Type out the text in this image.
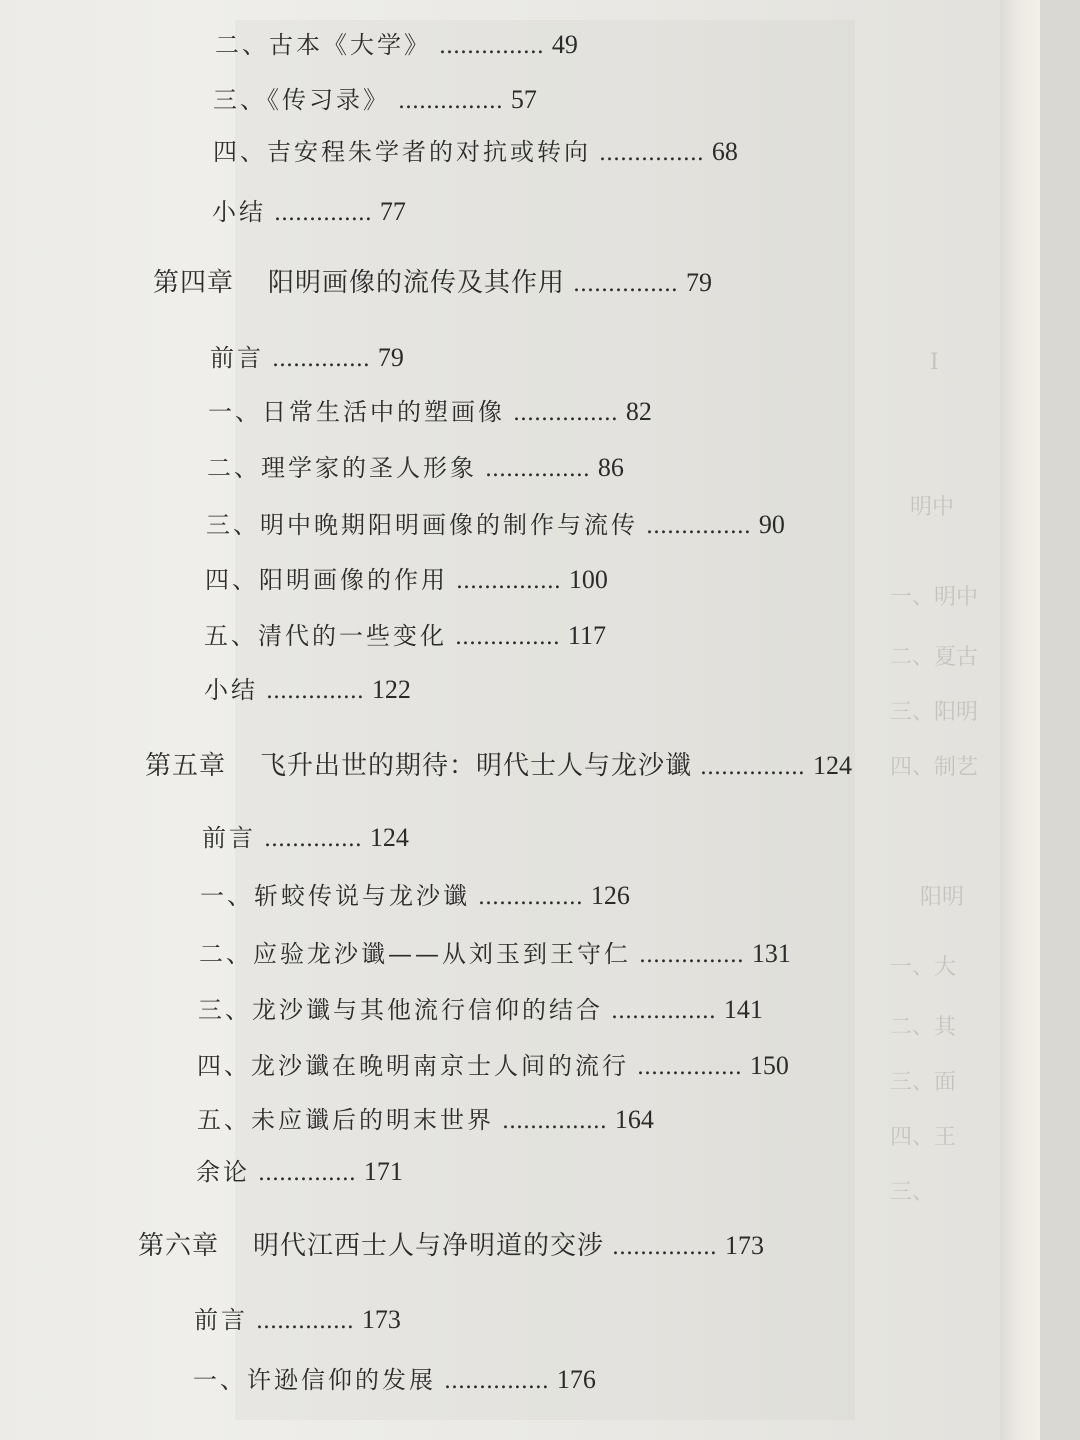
I
明中
一、明中
二、夏古
三、阳明
四、制艺
阳明
一、大
二、其
三、面
四、王
三、
二、古本《大学》 ............... 49
三、《传习录》 ............... 57
四、吉安程朱学者的对抗或转向 ............... 68
小结 .............. 77
第四章 阳明画像的流传及其作用 ............... 79
前言 .............. 79
一、日常生活中的塑画像 ............... 82
二、理学家的圣人形象 ............... 86
三、明中晚期阳明画像的制作与流传 ............... 90
四、阳明画像的作用 ............... 100
五、清代的一些变化 ............... 117
小结 .............. 122
第五章 飞升出世的期待：明代士人与龙沙谶 ............... 124
前言 .............. 124
一、斩蛟传说与龙沙谶 ............... 126
二、应验龙沙谶——从刘玉到王守仁 ............... 131
三、龙沙谶与其他流行信仰的结合 ............... 141
四、龙沙谶在晚明南京士人间的流行 ............... 150
五、未应谶后的明末世界 ............... 164
余论 .............. 171
第六章 明代江西士人与净明道的交涉 ............... 173
前言 .............. 173
一、许逊信仰的发展 ............... 176
